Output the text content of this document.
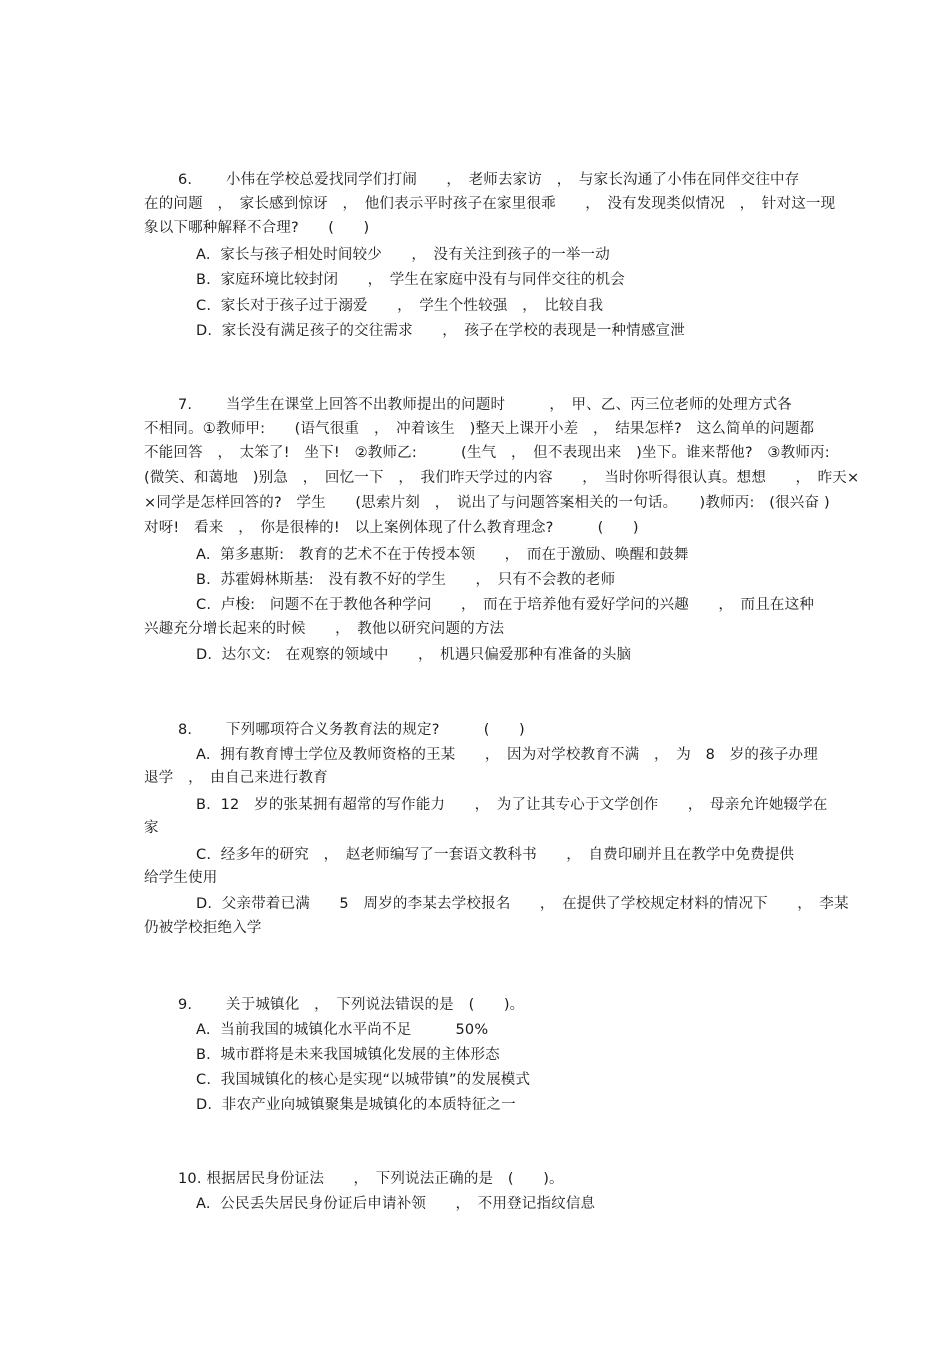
6. 小伟在学校总爱找同学们打闹　　，　老师去家访　，　与家长沟通了小伟在同伴交往中存
在的问题　，　家长感到惊讶　，　他们表示平时孩子在家里很乖　　，　没有发现类似情况　，　针对这一现
象以下哪种解释不合理?　　(　　)
A.  家长与孩子相处时间较少　　，　没有关注到孩子的一举一动
B.  家庭环境比较封闭　　，　学生在家庭中没有与同伴交往的机会
C.  家长对于孩子过于溺爱　　，　学生个性较强　，　比较自我
D.  家长没有满足孩子的交往需求　　，　孩子在学校的表现是一种情感宣泄
7. 当学生在课堂上回答不出教师提出的问题时　　　，　甲、乙、丙三位老师的处理方式各
不相同。①教师甲:　　(语气很重　，　冲着该生　)整天上课开小差　，　结果怎样?　这么简单的问题都
不能回答　，　太笨了!　坐下!　②教师乙:　　　(生气　，　但不表现出来　)坐下。谁来帮他?　③教师丙:
(微笑、和蔼地　)别急　，　回忆一下　，　我们昨天学过的内容　　，　当时你听得很认真。想想　　，　昨天×
×同学是怎样回答的?　学生　　(思索片刻　，　说出了与问题答案相关的一句话。　　)教师丙:　(很兴奋 )
对呀!　看来　，　你是很棒的!　以上案例体现了什么教育理念?　　　(　　)
A.  第多惠斯:　教育的艺术不在于传授本领　　，　而在于激励、唤醒和鼓舞
B.  苏霍姆林斯基:　没有教不好的学生　　，　只有不会教的老师
C.  卢梭:　问题不在于教他各种学问　　，　而在于培养他有爱好学问的兴趣　　，　而且在这种
兴趣充分增长起来的时候　　，　教他以研究问题的方法
D.  达尔文:　在观察的领域中　　，　机遇只偏爱那种有准备的头脑
8. 下列哪项符合义务教育法的规定?　　　(　　)
A.  拥有教育博士学位及教师资格的王某　　，　因为对学校教育不满　，　为　8　岁的孩子办理
退学　，　由自己来进行教育
B.  12　岁的张某拥有超常的写作能力　　，　为了让其专心于文学创作　　，　母亲允许她辍学在
家
C.  经多年的研究　，　赵老师编写了一套语文教科书　　，　自费印刷并且在教学中免费提供
给学生使用
D.  父亲带着已满　　5　周岁的李某去学校报名　　，　在提供了学校规定材料的情况下　　，　李某
仍被学校拒绝入学
9. 关于城镇化　，　下列说法错误的是　(　　)。
A.  当前我国的城镇化水平尚不足　　　50%
B.  城市群将是未来我国城镇化发展的主体形态
C.  我国城镇化的核心是实现“以城带镇”的发展模式
D.  非农产业向城镇聚集是城镇化的本质特征之一
10. 根据居民身份证法　　，　下列说法正确的是　(　　)。
A.  公民丢失居民身份证后申请补领　　，　不用登记指纹信息
